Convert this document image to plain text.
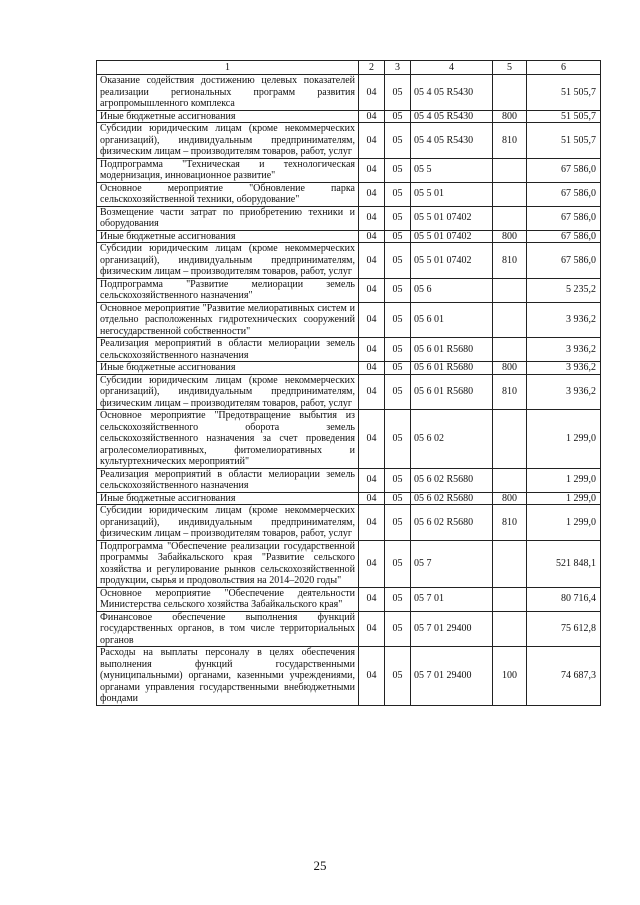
1	2	3	4	5	6
Оказание содействия достижению целевых показателей реализации региональных программ развития агропромышленного комплекса	04	05	05 4 05 R5430		51 505,7
Иные бюджетные ассигнования	04	05	05 4 05 R5430	800	51 505,7
Субсидии юридическим лицам (кроме некоммерческих организаций), индивидуальным предпринимателям, физическим лицам – производителям товаров, работ, услуг	04	05	05 4 05 R5430	810	51 505,7
Подпрограмма "Техническая и технологическая модернизация, инновационное развитие"	04	05	05 5		67 586,0
Основное мероприятие "Обновление парка сельскохозяйственной техники, оборудование"	04	05	05 5 01		67 586,0
Возмещение части затрат по приобретению техники и оборудования	04	05	05 5 01 07402		67 586,0
Иные бюджетные ассигнования	04	05	05 5 01 07402	800	67 586,0
Субсидии юридическим лицам (кроме некоммерческих организаций), индивидуальным предпринимателям, физическим лицам – производителям товаров, работ, услуг	04	05	05 5 01 07402	810	67 586,0
Подпрограмма "Развитие мелиорации земель сельскохозяйственного назначения"	04	05	05 6		5 235,2
Основное мероприятие "Развитие мелиоративных систем и отдельно расположенных гидротехнических сооружений негосударственной собственности"	04	05	05 6 01		3 936,2
Реализация мероприятий в области мелиорации земель сельскохозяйственного назначения	04	05	05 6 01 R5680		3 936,2
Иные бюджетные ассигнования	04	05	05 6 01 R5680	800	3 936,2
Субсидии юридическим лицам (кроме некоммерческих организаций), индивидуальным предпринимателям, физическим лицам – производителям товаров, работ, услуг	04	05	05 6 01 R5680	810	3 936,2
Основное мероприятие "Предотвращение выбытия из сельскохозяйственного оборота земель сельскохозяйственного назначения за счет проведения агролесомелиоративных, фитомелиоративных и культуртехнических мероприятий"	04	05	05 6 02		1 299,0
Реализация мероприятий в области мелиорации земель сельскохозяйственного назначения	04	05	05 6 02 R5680		1 299,0
Иные бюджетные ассигнования	04	05	05 6 02 R5680	800	1 299,0
Субсидии юридическим лицам (кроме некоммерческих организаций), индивидуальным предпринимателям, физическим лицам – производителям товаров, работ, услуг	04	05	05 6 02 R5680	810	1 299,0
Подпрограмма "Обеспечение реализации государственной программы Забайкальского края "Развитие сельского хозяйства и регулирование рынков сельскохозяйственной продукции, сырья и продовольствия на 2014–2020 годы"	04	05	05 7		521 848,1
Основное мероприятие "Обеспечение деятельности Министерства сельского хозяйства Забайкальского края"	04	05	05 7 01		80 716,4
Финансовое обеспечение выполнения функций государственных органов, в том числе территориальных органов	04	05	05 7 01 29400		75 612,8
Расходы на выплаты персоналу в целях обеспечения выполнения функций государственными (муниципальными) органами, казенными учреждениями, органами управления государственными внебюджетными фондами	04	05	05 7 01 29400	100	74 687,3
25
